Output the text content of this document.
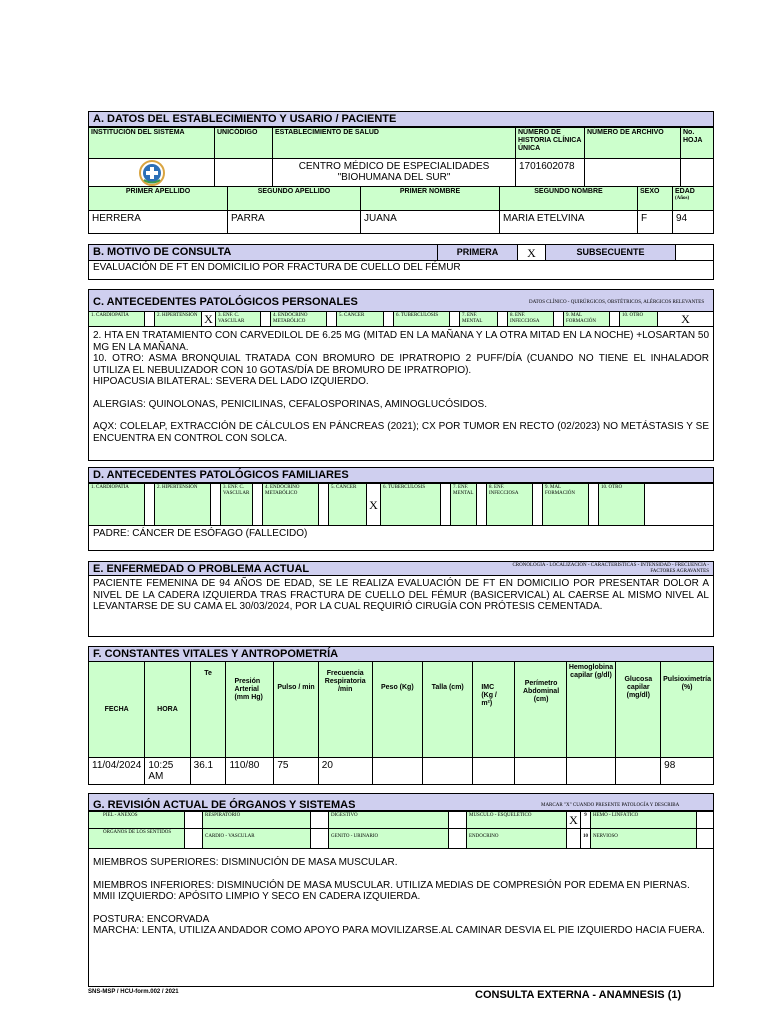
A. DATOS DEL ESTABLECIMIENTO Y USARIO / PACIENTE
INSTITUCIÓN DEL SISTEMA	UNICÓDIGO	ESTABLECIMIENTO DE SALUD	NÚMERO DE HISTORIA CLÍNICA ÚNICA	NÚMERO DE ARCHIVO	No. HOJA
		CENTRO MÉDICO DE ESPECIALIDADES "BIOHUMANA DEL SUR"	1701602078		
PRIMER APELLIDO	SEGUNDO APELLIDO	PRIMER NOMBRE	SEGUNDO NOMBRE	SEXO	EDAD
(Años)

HERRERA	PARRA	JUANA	MARIA ETELVINA	F	94
B. MOTIVO DE CONSULTA	PRIMERA	X	SUBSECUENTE	
EVALUACIÓN DE FT EN DOMICILIO POR FRACTURA DE CUELLO DEL FÉMUR
C. ANTECEDENTES PATOLÓGICOS PERSONALES	DATOS CLÍNICO - QUIRÚRGICOS, OBSTÉTRICOS, ALÉRGICOS RELEVANTES
1. CARDIOPATÍA		2. HIPERTENSIÓN	X	3. ENF. C. VASCULAR		4. ENDÓCRINO METABÓLICO		5. CÁNCER		6. TUBERCULOSIS		7. ENF. MENTAL		8. ENF. INFECCIOSA		9. MAL FORMACIÓN		10. OTRO	X

2. HTA EN TRATAMIENTO CON CARVEDILOL DE 6.25 MG (MITAD EN LA MAÑANA Y LA OTRA MITAD EN LA NOCHE) +LOSARTAN 50 MG EN LA MAÑANA.

10. OTRO: ASMA BRONQUIAL TRATADA CON BROMURO DE IPRATROPIO 2 PUFF/DÍA (CUANDO NO TIENE EL INHALADOR UTILIZA EL NEBULIZADOR CON 10 GOTAS/DÍA DE BROMURO DE IPRATROPIO).

HIPOACUSIA BILATERAL: SEVERA DEL LADO IZQUIERDO.

ALERGIAS: QUINOLONAS, PENICILINAS, CEFALOSPORINAS, AMINOGLUCÓSIDOS.

AQX: COLELAP, EXTRACCIÓN DE CÁLCULOS EN PÁNCREAS (2021); CX POR TUMOR EN RECTO (02/2023) NO METÁSTASIS Y SE ENCUENTRA EN CONTROL CON SOLCA.

D. ANTECEDENTES PATOLÓGICOS FAMILIARES
1. CARDIOPATÍA		2. HIPERTENSIÓN		3. ENF. C. VASCULAR		4. ENDÓCRINO METABÓLICO		5. CÁNCER	X	6. TUBERCULOSIS		7. ENF. MENTAL		8. ENF. INFECCIOSA		9. MAL FORMACIÓN		10. OTRO	
PADRE: CÁNCER DE ESÓFAGO (FALLECIDO)
E. ENFERMEDAD O PROBLEMA ACTUAL	CRONOLOGÍA - LOCALIZACIÓN - CARACTERÍSTICAS - INTENSIDAD - FRECUENCIA - FACTORES AGRAVANTES
PACIENTE FEMENINA DE 94 AÑOS DE EDAD, SE LE REALIZA EVALUACIÓN DE FT EN DOMICILIO POR PRESENTAR DOLOR A NIVEL DE LA CADERA IZQUIERDA TRAS FRACTURA DE CUELLO DEL FÉMUR (BASICERVICAL) AL CAERSE AL MISMO NIVEL AL LEVANTARSE DE SU CAMA EL 30/03/2024, POR LA CUAL REQUIRIÓ CIRUGÍA CON PRÓTESIS CEMENTADA.
F. CONSTANTES VITALES Y ANTROPOMETRÍA
FECHA	HORA	Te	Presión Arterial (mm Hg)	Pulso / min	Frecuencia Respiratoria /min	Peso (Kg)	Talla (cm)	IMC (Kg / m²)	Perímetro Abdominal (cm)	Hemoglobina capilar (g/dl)	Glucosa capilar (mg/dl)	Pulsioximetría (%)
11/04/2024	10:25 AM	36.1	110/80	75	20							98
G. REVISIÓN ACTUAL DE ÓRGANOS Y SISTEMAS	MARCAR "X" CUANDO PRESENTE PATOLOGÍA Y DESCRIBA
PIEL - ANEXOS		RESPIRATORIO		DIGESTIVO		MÚSCULO - ESQUELÉTICO	X	9	HEMO - LINFÁTICO	
ÓRGANOS DE LOS SENTIDOS		CARDIO - VASCULAR		GENITO - URINARIO		ENDOCRINO		10	NERVIOSO	

MIEMBROS SUPERIORES: DISMINUCIÓN DE MASA MUSCULAR.

MIEMBROS INFERIORES: DISMINUCIÓN DE MASA MUSCULAR. UTILIZA MEDIAS DE COMPRESIÓN POR EDEMA EN PIERNAS.

MMII IZQUIERDO: APÓSITO LIMPIO Y SECO EN CADERA IZQUIERDA.

POSTURA: ENCORVADA

MARCHA: LENTA, UTILIZA ANDADOR COMO APOYO PARA MOVILIZARSE.AL CAMINAR DESVIA EL PIE IZQUIERDO HACIA FUERA.

SNS-MSP / HCU-form.002 / 2021	CONSULTA EXTERNA - ANAMNESIS (1)
